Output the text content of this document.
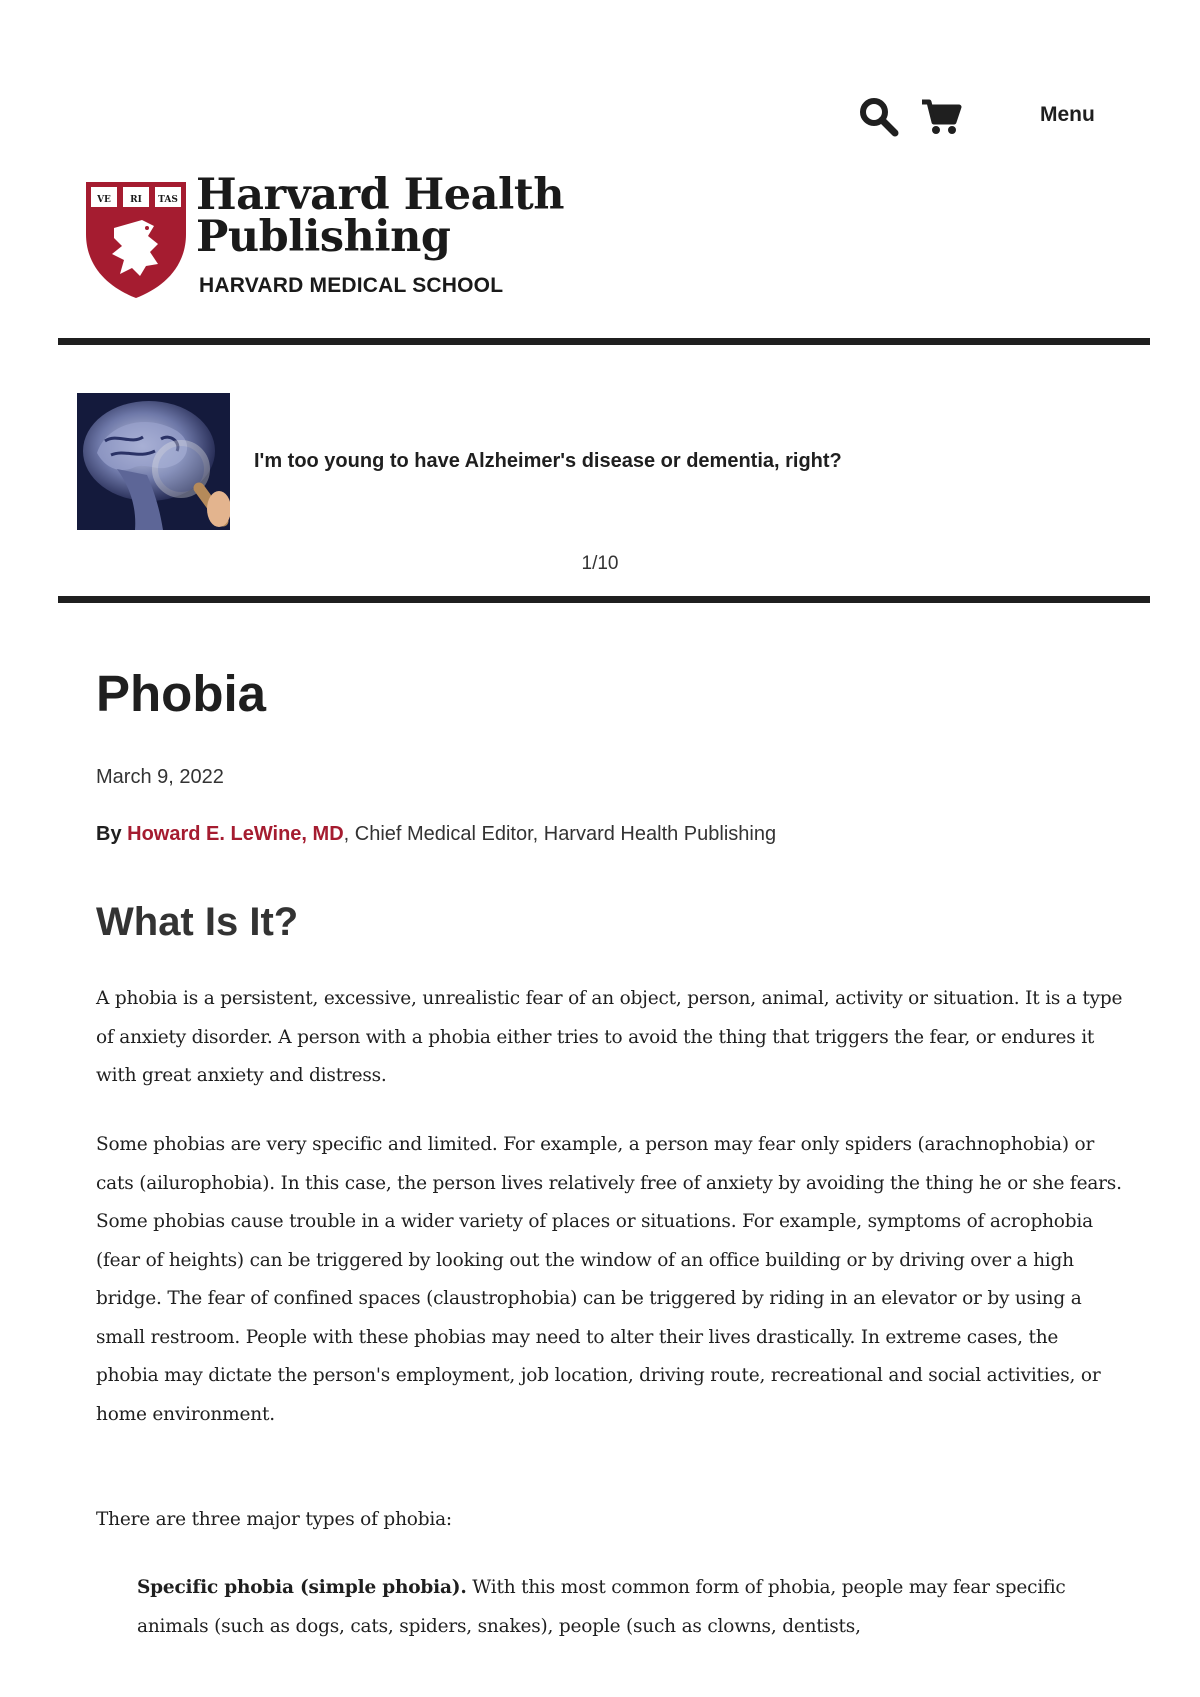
Menu
VE RI TAS Harvard Health
Publishing
HARVARD MEDICAL SCHOOL
I'm too young to have Alzheimer's disease or dementia, right?
1/10
Phobia
March 9, 2022
By Howard E. LeWine, MD, Chief Medical Editor, Harvard Health Publishing
What Is It?

A phobia is a persistent, excessive, unrealistic fear of an object, person, animal, activity or situation. It is a type of anxiety disorder. A person with a phobia either tries to avoid the thing that triggers the fear, or endures it with great anxiety and distress.

Some phobias are very specific and limited. For example, a person may fear only spiders (arachnophobia) or cats (ailurophobia). In this case, the person lives relatively free of anxiety by avoiding the thing he or she fears. Some phobias cause trouble in a wider variety of places or situations. For example, symptoms of acrophobia (fear of heights) can be triggered by looking out the window of an office building or by driving over a high bridge. The fear of confined spaces (claustrophobia) can be triggered by riding in an elevator or by using a small restroom. People with these phobias may need to alter their lives drastically. In extreme cases, the phobia may dictate the person's employment, job location, driving route, recreational and social activities, or home environment.

There are three major types of phobia:

Specific phobia (simple phobia). With this most common form of phobia, people may fear specific animals (such as dogs, cats, spiders, snakes), people (such as clowns, dentists,
